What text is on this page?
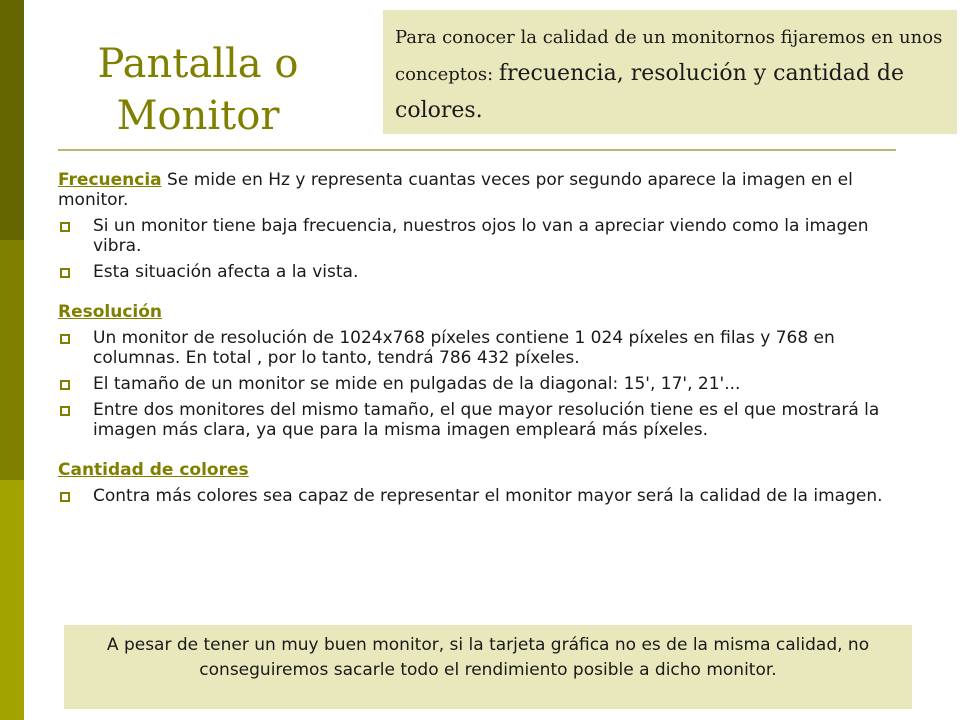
Pantalla o
Monitor
Para conocer la calidad de un monitornos fijaremos en unos conceptos: frecuencia, resolución y cantidad de colores.

Frecuencia Se mide en Hz y representa cuantas veces por segundo aparece la imagen en el monitor.

Si un monitor tiene baja frecuencia, nuestros ojos lo van a apreciar viendo como la imagen vibra.
Esta situación afecta a la vista.

Resolución

Un monitor de resolución de 1024x768 píxeles contiene 1 024 píxeles en filas y 768 en columnas. En total , por lo tanto, tendrá 786 432 píxeles.
El tamaño de un monitor se mide en pulgadas de la diagonal: 15', 17', 21'...
Entre dos monitores del mismo tamaño, el que mayor resolución tiene es el que mostrará la imagen más clara, ya que para la misma imagen empleará más píxeles.

Cantidad de colores

Contra más colores sea capaz de representar el monitor mayor será la calidad de la imagen.
A pesar de tener un muy buen monitor, si la tarjeta gráfica no es de la misma calidad, no conseguiremos sacarle todo el rendimiento posible a dicho monitor.
